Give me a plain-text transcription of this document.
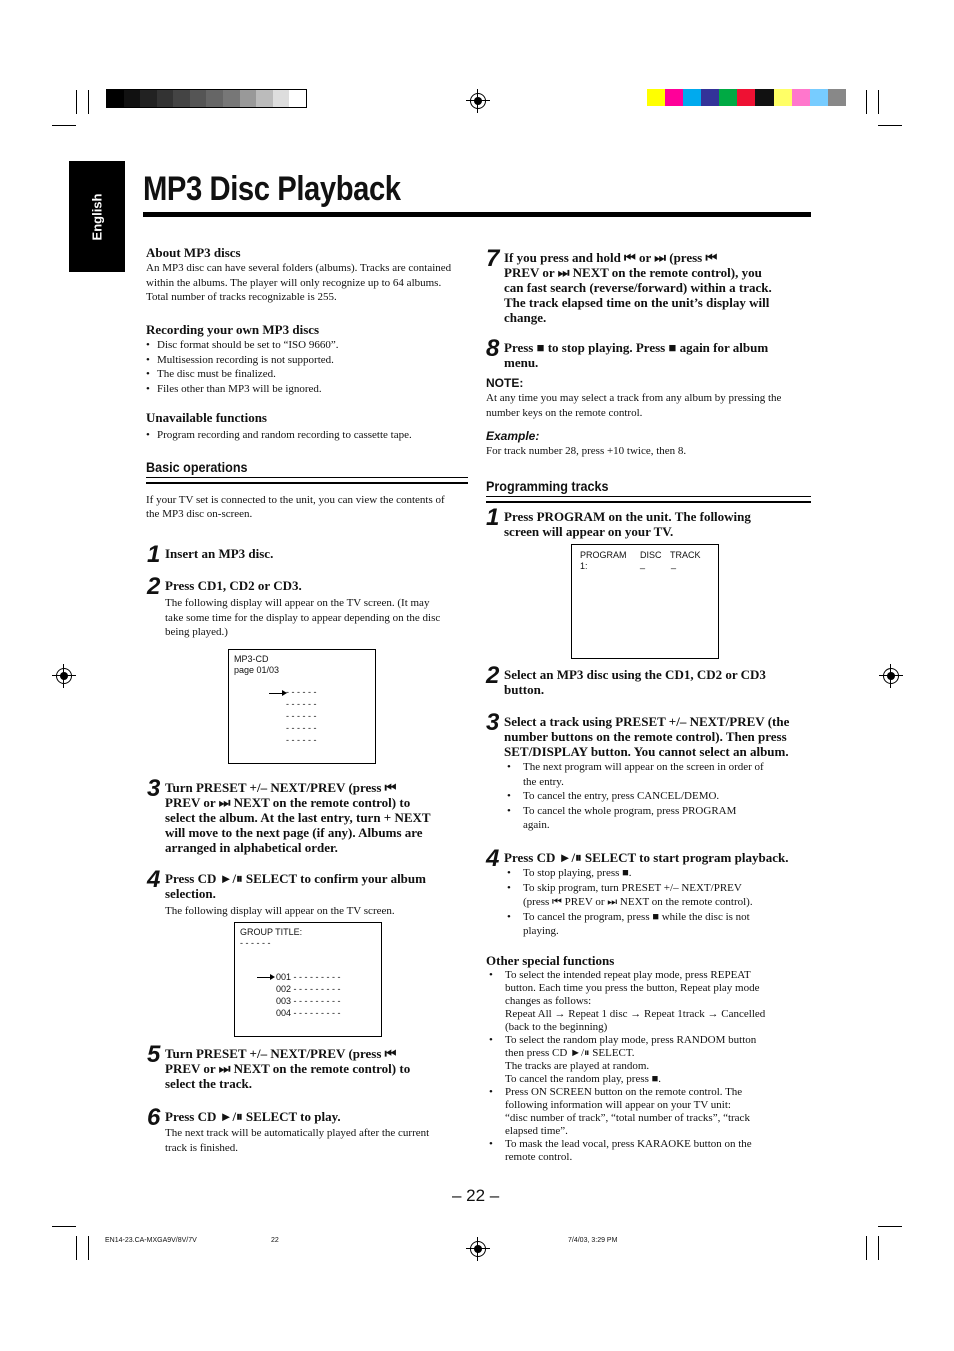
English
MP3 Disc Playback

About MP3 discs

An MP3 disc can have several folders (albums). Tracks are contained

within the albums. The player will only recognize up to 64 albums.

Total number of tracks recognizable is 255.

Recording your own MP3 discs

• Disc format should be set to “ISO 9660”.
• Multisession recording is not supported.
• The disc must be finalized.
• Files other than MP3 will be ignored.

Unavailable functions

• Program recording and random recording to cassette tape.
Basic operations

If your TV set is connected to the unit, you can view the contents of

the MP3 disc on-screen.

1 Insert an MP3 disc.
2 Press CD1, CD2 or CD3.
The following display will appear on the TV screen. (It may
take some time for the display to appear depending on the disc
being played.)
MP3-CD
page 01/03
- - - - - -
- - - - - -
- - - - - -
- - - - - -
- - - - - -
3 Turn PRESET +/– NEXT/PREV (press ⏮
PREV or ⏭ NEXT on the remote control) to
select the album. At the last entry, turn + NEXT
will move to the next page (if any). Albums are
arranged in alphabetical order.
4 Press CD ►/⏸ SELECT to confirm your album
selection.
The following display will appear on the TV screen.
GROUP TITLE:
- - - - - -
001 - - - - - - - - -
002 - - - - - - - - -
003 - - - - - - - - -
004 - - - - - - - - -
5 Turn PRESET +/– NEXT/PREV (press ⏮
PREV or ⏭ NEXT on the remote control) to
select the track.
6 Press CD ►/⏸ SELECT to play.
The next track will be automatically played after the current
track is finished.
7 If you press and hold ⏮ or ⏭ (press ⏮
PREV or ⏭ NEXT on the remote control), you
can fast search (reverse/forward) within a track.
The track elapsed time on the unit’s display will
change.
8 Press ■ to stop playing. Press ■ again for album
menu.

NOTE:

At any time you may select a track from any album by pressing the

number keys on the remote control.

Example:

For track number 28, press +10 twice, then 8.

Programming tracks
1 Press PROGRAM on the unit. The following
screen will appear on your TV.
PROGRAM DISC TRACK
1:	_	_
2 Select an MP3 disc using the CD1, CD2 or CD3
button.
3 Select a track using PRESET +/– NEXT/PREV (the
number buttons on the remote control). Then press
SET/DISPLAY button. You cannot select an album.
• The next program will appear on the screen in order of
the entry.
• To cancel the entry, press CANCEL/DEMO.
• To cancel the whole program, press PROGRAM
again.
4 Press CD ►/⏸ SELECT to start program playback.
• To stop playing, press ■.
• To skip program, turn PRESET +/– NEXT/PREV
(press ⏮ PREV or ⏭ NEXT on the remote control).
• To cancel the program, press ■ while the disc is not
playing.

Other special functions

• To select the intended repeat play mode, press REPEAT
button. Each time you press the button, Repeat play mode
changes as follows:
Repeat All → Repeat 1 disc → Repeat 1track → Cancelled
(back to the beginning)
• To select the random play mode, press RANDOM button
then press CD ►/⏸ SELECT.
The tracks are played at random.
To cancel the random play, press ■.
• Press ON SCREEN button on the remote control. The
following information will appear on your TV unit:
“disc number of track”, “total number of tracks”, “track
elapsed time”.
• To mask the lead vocal, press KARAOKE button on the
remote control.
– 22 –
EN14-23.CA-MXGA9V/8V/7V	22	7/4/03, 3:29 PM
